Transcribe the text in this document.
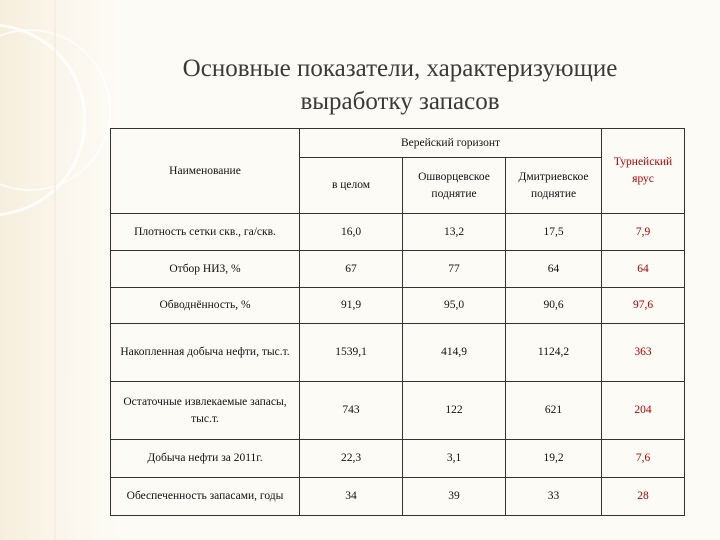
Основные показатели, характеризующие
выработку запасов
Наименование	Верейский горизонт			Турнейский ярус
	в целом	Ошворцевское поднятие	Дмитриевское поднятие	
Плотность сетки скв., га/скв.	16,0	13,2	17,5	7,9
Отбор НИЗ, %	67	77	64	64
Обводнённость, %	91,9	95,0	90,6	97,6
Накопленная добыча нефти, тыс.т.	1539,1	414,9	1124,2	363
Остаточные извлекаемые запасы, тыс.т.	743	122	621	204
Добыча нефти за 2011г.	22,3	3,1	19,2	7,6
Обеспеченность запасами, годы	34	39	33	28
